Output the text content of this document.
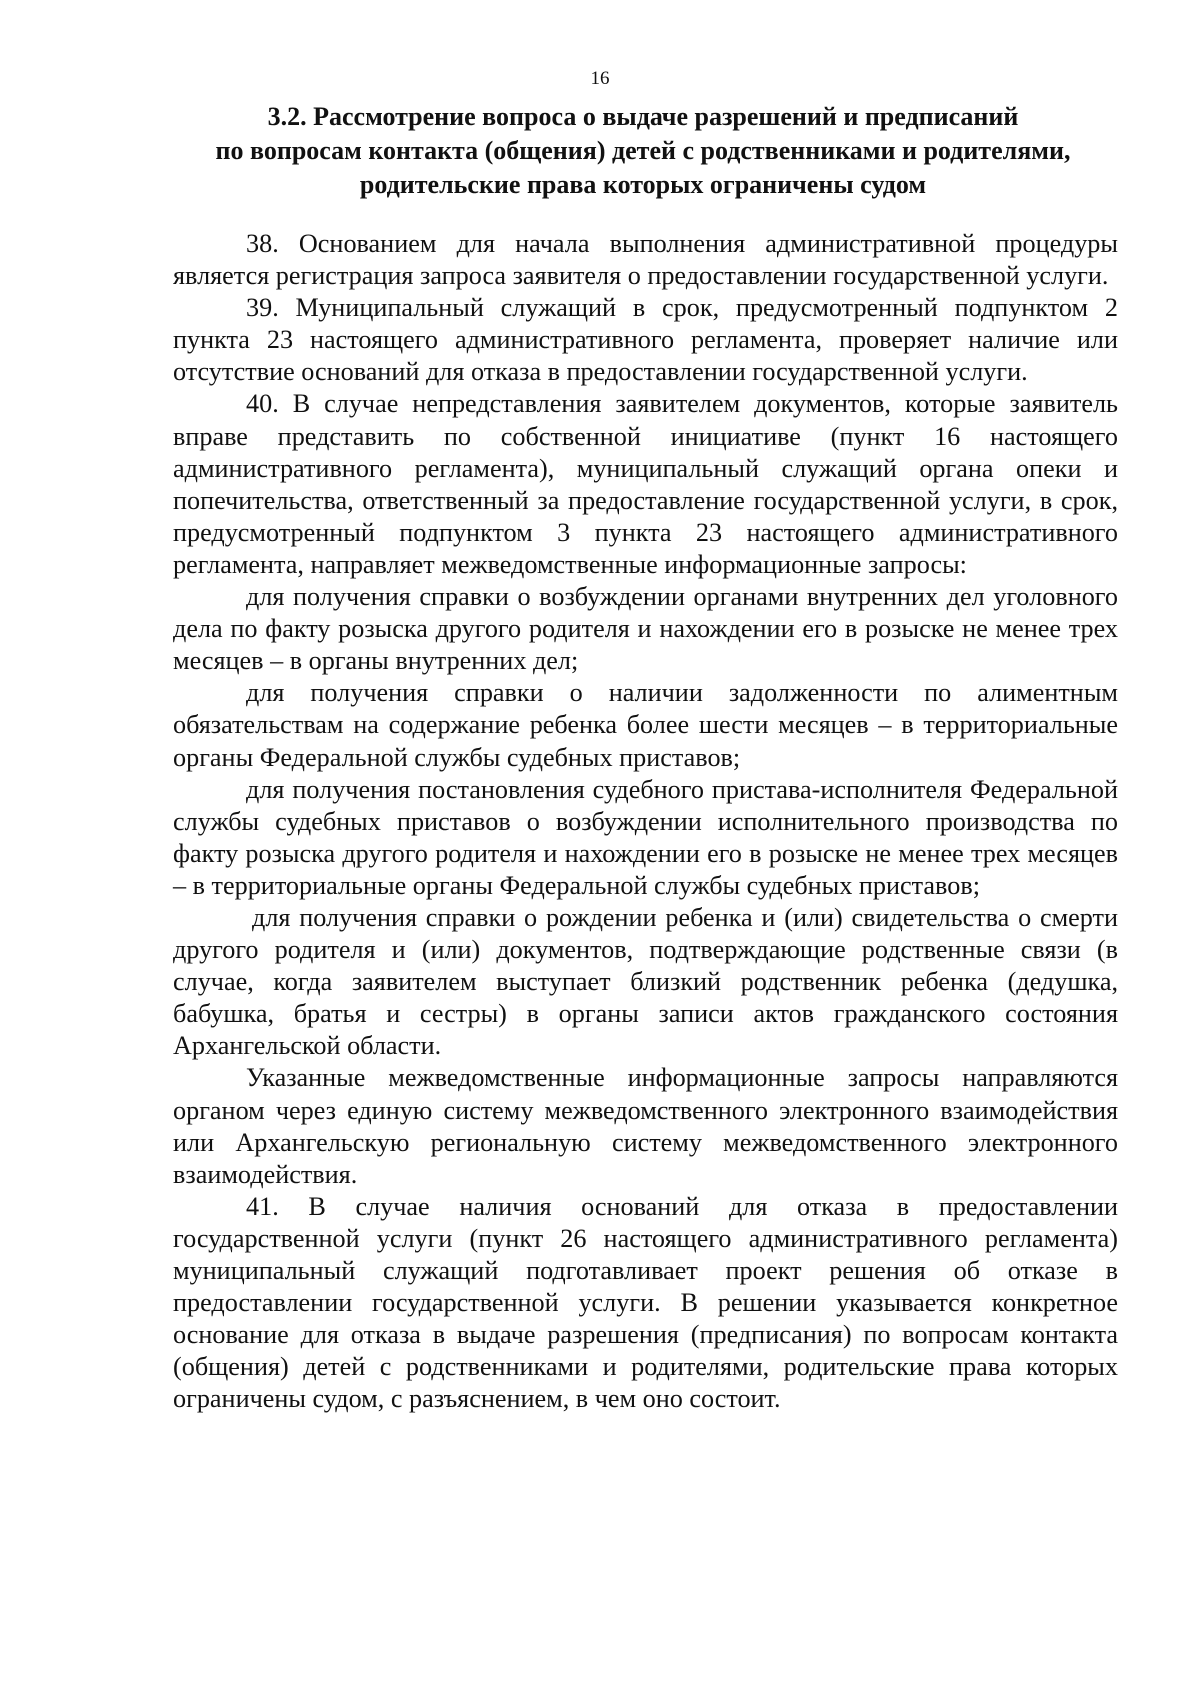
16
3.2. Рассмотрение вопроса о выдаче разрешений и предписаний
по вопросам контакта (общения) детей с родственниками и родителями,
родительские права которых ограничены судом

38. Основанием для начала выполнения административной процедуры является регистрация запроса заявителя о предоставлении государственной услуги.

39. Муниципальный служащий в срок, предусмотренный подпунктом 2 пункта 23 настоящего административного регламента, проверяет наличие или отсутствие оснований для отказа в предоставлении государственной услуги.

40. В случае непредставления заявителем документов, которые заявитель вправе представить по собственной инициативе (пункт 16 настоящего административного регламента), муниципальный служащий органа опеки и попечительства, ответственный за предоставление государственной услуги, в срок, предусмотренный подпунктом 3 пункта 23 настоящего административного регламента, направляет межведомственные информационные запросы:

для получения справки о возбуждении органами внутренних дел уголовного дела по факту розыска другого родителя и нахождении его в розыске не менее трех месяцев – в органы внутренних дел;

для получения справки о наличии задолженности по алиментным обязательствам на содержание ребенка более шести месяцев – в территориальные органы Федеральной службы судебных приставов;

для получения постановления судебного пристава-исполнителя Федеральной службы судебных приставов о возбуждении исполнительного производства по факту розыска другого родителя и нахождении его в розыске не менее трех месяцев – в территориальные органы Федеральной службы судебных приставов;

для получения справки о рождении ребенка и (или) свидетельства о смерти другого родителя и (или) документов, подтверждающие родственные связи (в случае, когда заявителем выступает близкий родственник ребенка (дедушка, бабушка, братья и сестры) в органы записи актов гражданского состояния Архангельской области.

Указанные межведомственные информационные запросы направляются органом через единую систему межведомственного электронного взаимодействия или Архангельскую региональную систему межведомственного электронного взаимодействия.

41. В случае наличия оснований для отказа в предоставлении государственной услуги (пункт 26 настоящего административного регламента) муниципальный служащий подготавливает проект решения об отказе в предоставлении государственной услуги. В решении указывается конкретное основание для отказа в выдаче разрешения (предписания) по вопросам контакта (общения) детей с родственниками и родителями, родительские права которых ограничены судом, с разъяснением, в чем оно состоит.
